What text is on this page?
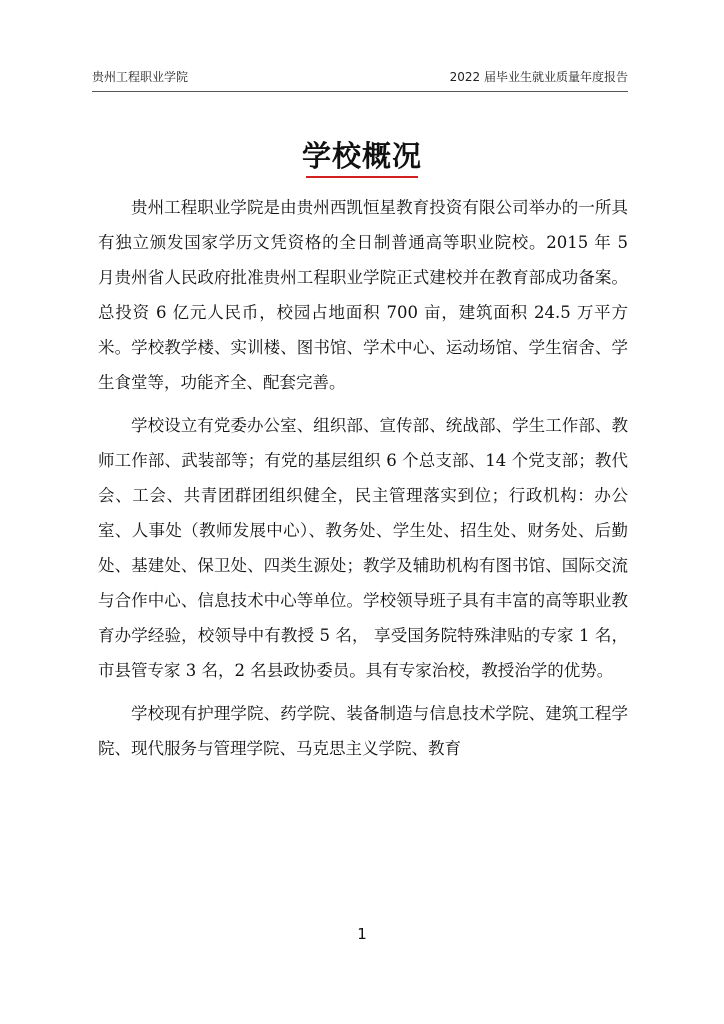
贵州工程职业学院	2022 届毕业生就业质量年度报告
学校概况

贵州工程职业学院是由贵州西凯恒星教育投资有限公司举办的一所具有独立颁发国家学历文凭资格的全日制普通高等职业院校。2015 年 5 月贵州省人民政府批准贵州工程职业学院正式建校并在教育部成功备案。总投资 6 亿元人民币，校园占地面积 700 亩，建筑面积 24.5 万平方米。学校教学楼、实训楼、图书馆、学术中心、运动场馆、学生宿舍、学生食堂等，功能齐全、配套完善。

学校设立有党委办公室、组织部、宣传部、统战部、学生工作部、教师工作部、武装部等；有党的基层组织 6 个总支部、14 个党支部；教代会、工会、共青团群团组织健全，民主管理落实到位；行政机构：办公室、人事处（教师发展中心）、教务处、学生处、招生处、财务处、后勤处、基建处、保卫处、四类生源处；教学及辅助机构有图书馆、国际交流与合作中心、信息技术中心等单位。学校领导班子具有丰富的高等职业教育办学经验，校领导中有教授 5 名， 享受国务院特殊津贴的专家 1 名，市县管专家 3 名，2 名县政协委员。具有专家治校，教授治学的优势。

学校现有护理学院、药学院、装备制造与信息技术学院、建筑工程学院、现代服务与管理学院、马克思主义学院、教育

1
